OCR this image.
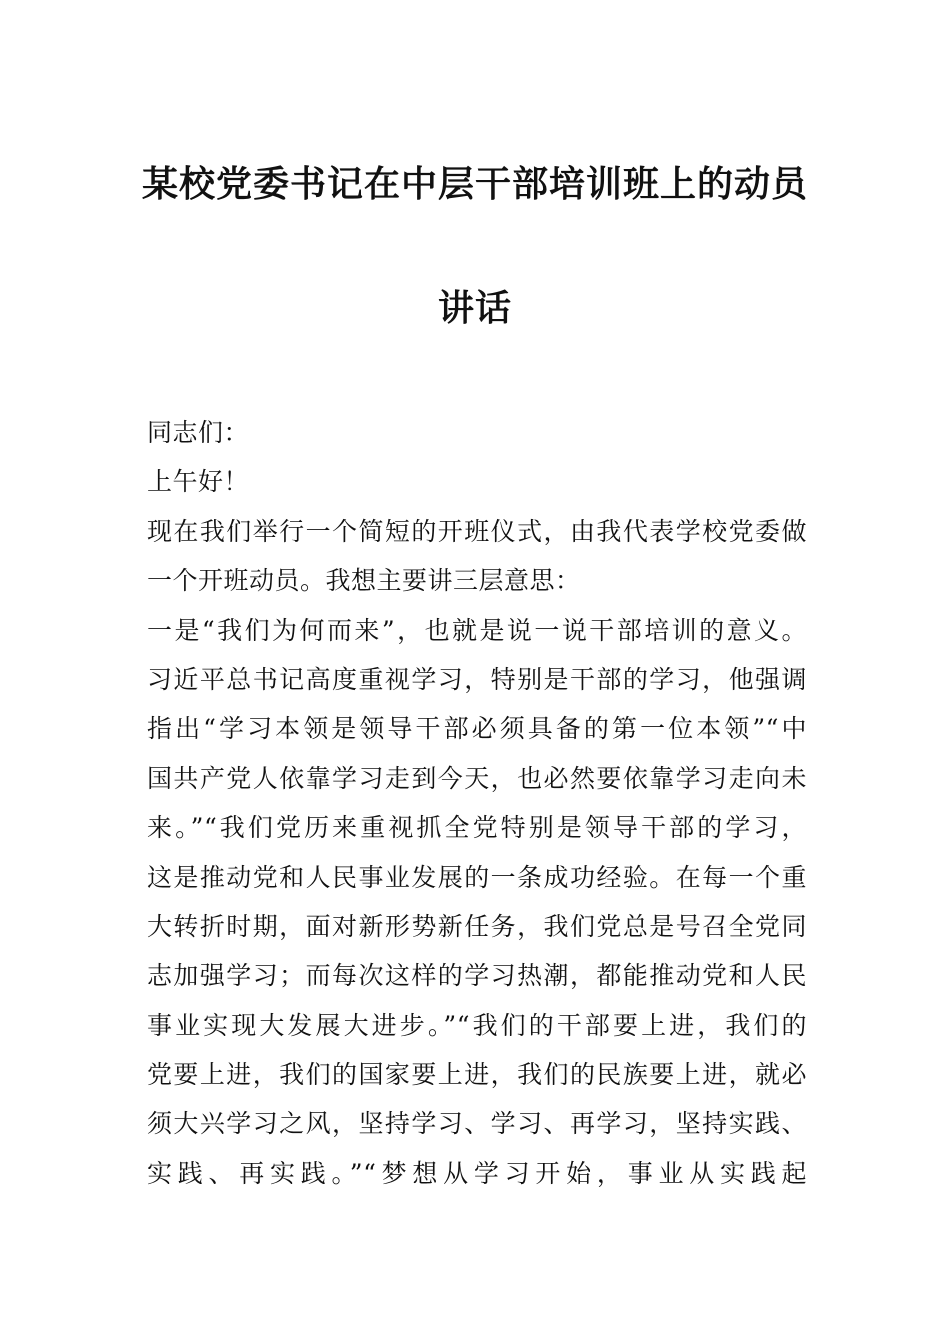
某校党委书记在中层干部培训班上的动员
讲话
同志们：
上午好！
现在我们举行一个简短的开班仪式，由我代表学校党委做
一个开班动员。我想主要讲三层意思：
一是“我们为何而来”，也就是说一说干部培训的意义。
习近平总书记高度重视学习，特别是干部的学习，他强调
指出“学习本领是领导干部必须具备的第一位本领”“中
国共产党人依靠学习走到今天，也必然要依靠学习走向未
来。”“我们党历来重视抓全党特别是领导干部的学习，
这是推动党和人民事业发展的一条成功经验。在每一个重
大转折时期，面对新形势新任务，我们党总是号召全党同
志加强学习；而每次这样的学习热潮，都能推动党和人民
事业实现大发展大进步。”“我们的干部要上进，我们的
党要上进，我们的国家要上进，我们的民族要上进，就必
须大兴学习之风，坚持学习、学习、再学习，坚持实践、
实践、再实践。”“梦想从学习开始，事业从实践起
